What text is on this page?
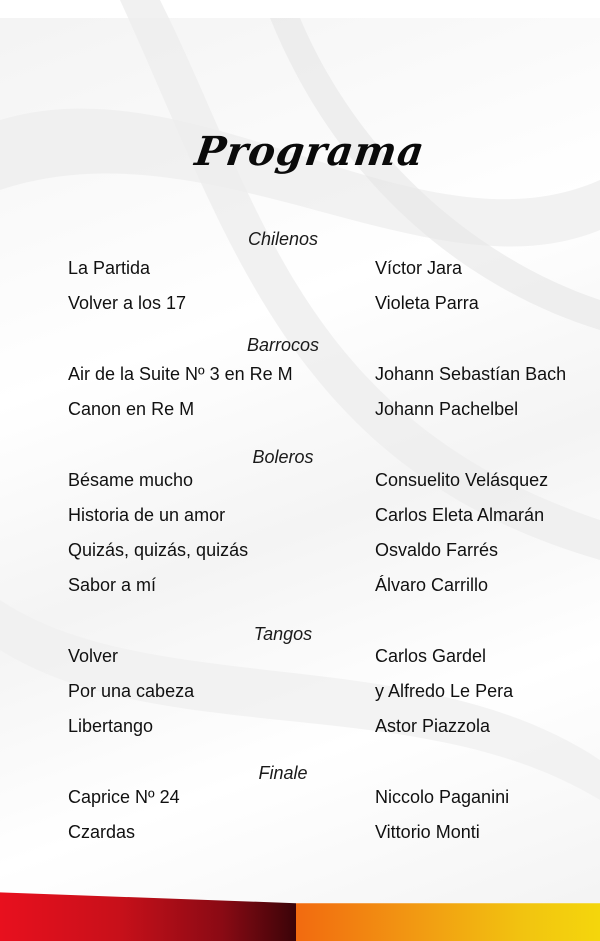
Programa
Chilenos
La Partida	Víctor Jara
Volver a los 17	Violeta Parra
Barrocos
Air de la Suite Nº 3 en Re M	Johann Sebastían Bach
Canon en Re M	Johann Pachelbel
Boleros
Bésame mucho	Consuelito Velásquez
Historia de un amor	Carlos Eleta Almarán
Quizás, quizás, quizás	Osvaldo Farrés
Sabor a mí	Álvaro Carrillo
Tangos
Volver	Carlos Gardel
Por una cabeza	y Alfredo Le Pera
Libertango	Astor Piazzola
Finale
Caprice Nº 24	Niccolo Paganini
Czardas	Vittorio Monti
